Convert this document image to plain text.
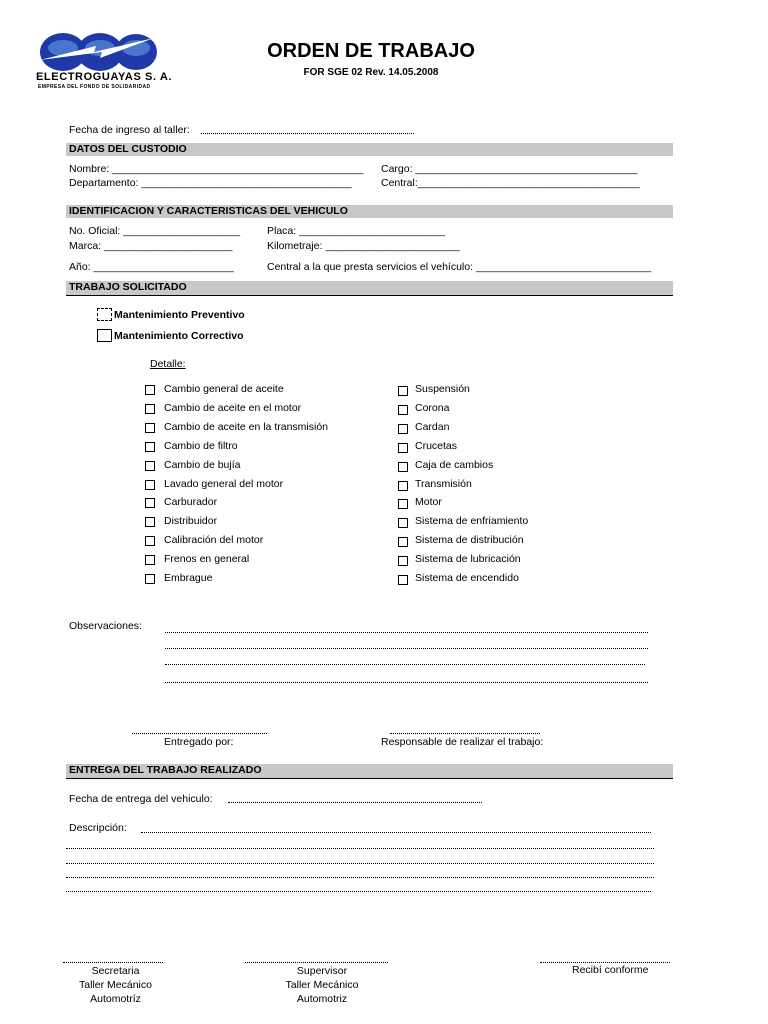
ELECTROGUAYAS S. A.
EMPRESA DEL FONDO DE SOLIDARIDAD
ORDEN DE TRABAJO
FOR SGE 02 Rev. 14.05.2008
Fecha de ingreso al taller:
DATOS DEL CUSTODIO
Nombre: ___________________________________________ Cargo: ______________________________________
Departamento: ____________________________________	Central:______________________________________
IDENTIFICACION Y CARACTERISTICAS DEL VEHICULO
No. Oficial: ____________________	Placa: _________________________
Marca: ______________________	Kilometraje: _______________________
Año: ________________________	Central a la que presta servicios el vehículo: ______________________________
TRABAJO SOLICITADO
Mantenimiento Preventivo
Mantenimiento Correctivo
Detalle:
Cambio general de aceite
Cambio de aceite en el motor
Cambio de aceite en la transmisión
Cambio de filtro
Cambio de bujía
Lavado general del motor
Carburador
Distribuidor
Calibración del motor
Frenos en general
Embrague
Suspensión
Corona
Cardan
Crucetas
Caja de cambios
Transmisión
Motor
Sistema de enfriamiento
Sistema de distribución
Sistema de lubricación
Sistema de encendido
Observaciones:
Entregado por:	Responsable de realizar el trabajo:
ENTREGA DEL TRABAJO REALIZADO
Fecha de entrega del vehiculo:
Descripción:
Secretaria
Taller Mecánico
Automotríz
Supervisor
Taller Mecánico
Automotriz
Recibí conforme
